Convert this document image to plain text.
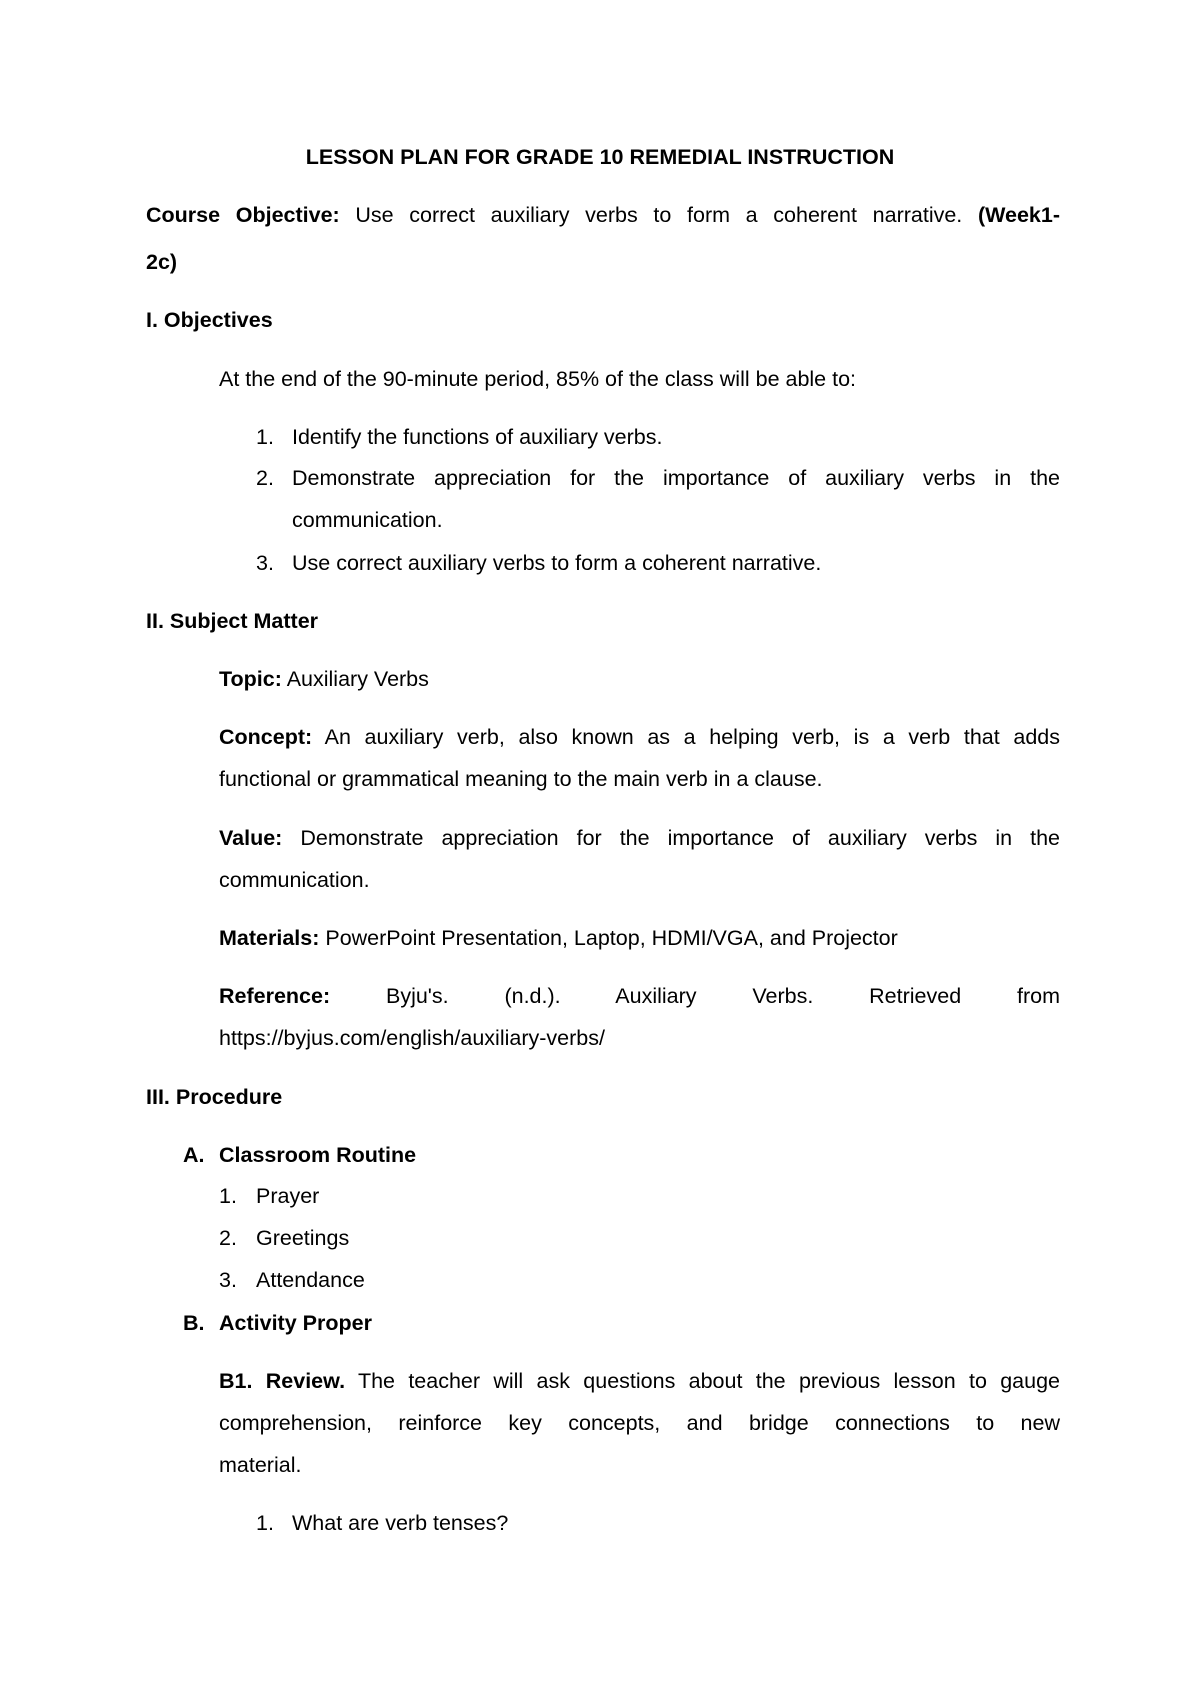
LESSON PLAN FOR GRADE 10 REMEDIAL INSTRUCTION
Course Objective: Use correct auxiliary verbs to form a coherent narrative. (Week1-
2c)
I. Objectives
At the end of the 90-minute period, 85% of the class will be able to:
1. Identify the functions of auxiliary verbs.
2. Demonstrate appreciation for the importance of auxiliary verbs in the
communication.
3. Use correct auxiliary verbs to form a coherent narrative.
II. Subject Matter
Topic: Auxiliary Verbs
Concept: An auxiliary verb, also known as a helping verb, is a verb that adds
functional or grammatical meaning to the main verb in a clause.
Value: Demonstrate appreciation for the importance of auxiliary verbs in the
communication.
Materials: PowerPoint Presentation, Laptop, HDMI/VGA, and Projector
Reference: Byju's. (n.d.). Auxiliary Verbs. Retrieved from
https://byjus.com/english/auxiliary-verbs/
III. Procedure
A. Classroom Routine
1. Prayer
2. Greetings
3. Attendance
B. Activity Proper
B1. Review. The teacher will ask questions about the previous lesson to gauge
comprehension, reinforce key concepts, and bridge connections to new
material.
1. What are verb tenses?
